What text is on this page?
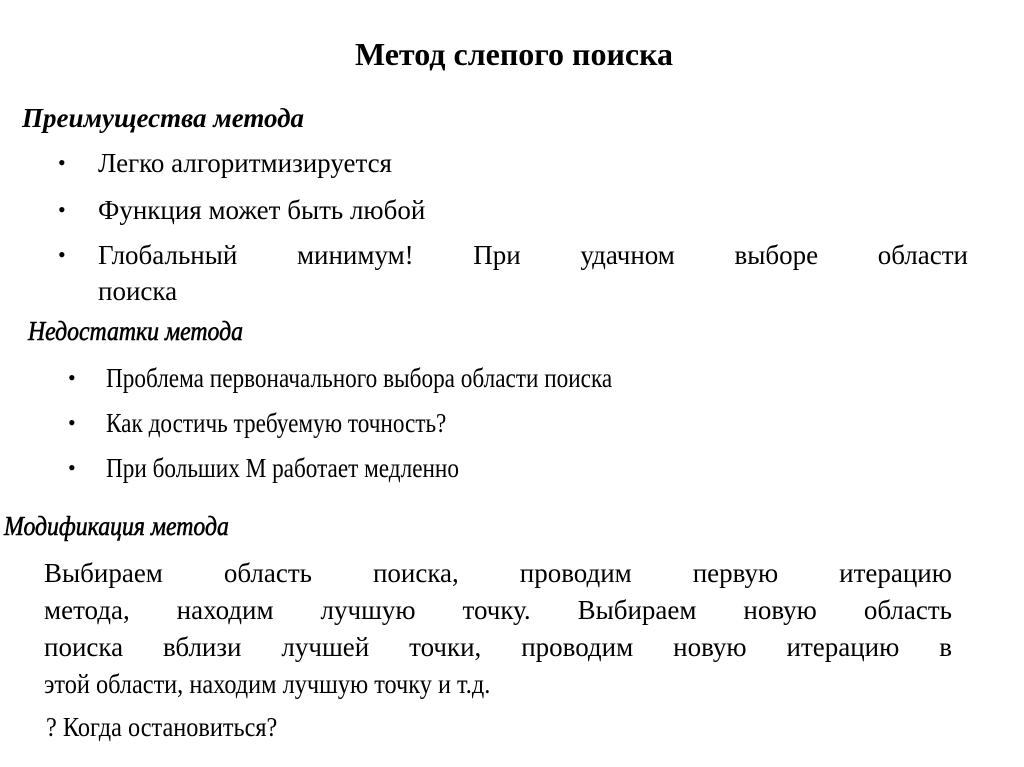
Метод слепого поиска
Преимущества метода
• Легко алгоритмизируется
• Функция может быть любой
• Глобальный минимум! При удачном выборе области
поиска
Недостатки метода
• Проблема первоначального выбора области поиска
• Как достичь требуемую точность?
• При больших M работает медленно
Модификация метода
Выбираем область поиска, проводим первую итерацию
метода, находим лучшую точку. Выбираем новую область
поиска вблизи лучшей точки, проводим новую итерацию в
этой области, находим лучшую точку и т.д.
? Когда остановиться?
